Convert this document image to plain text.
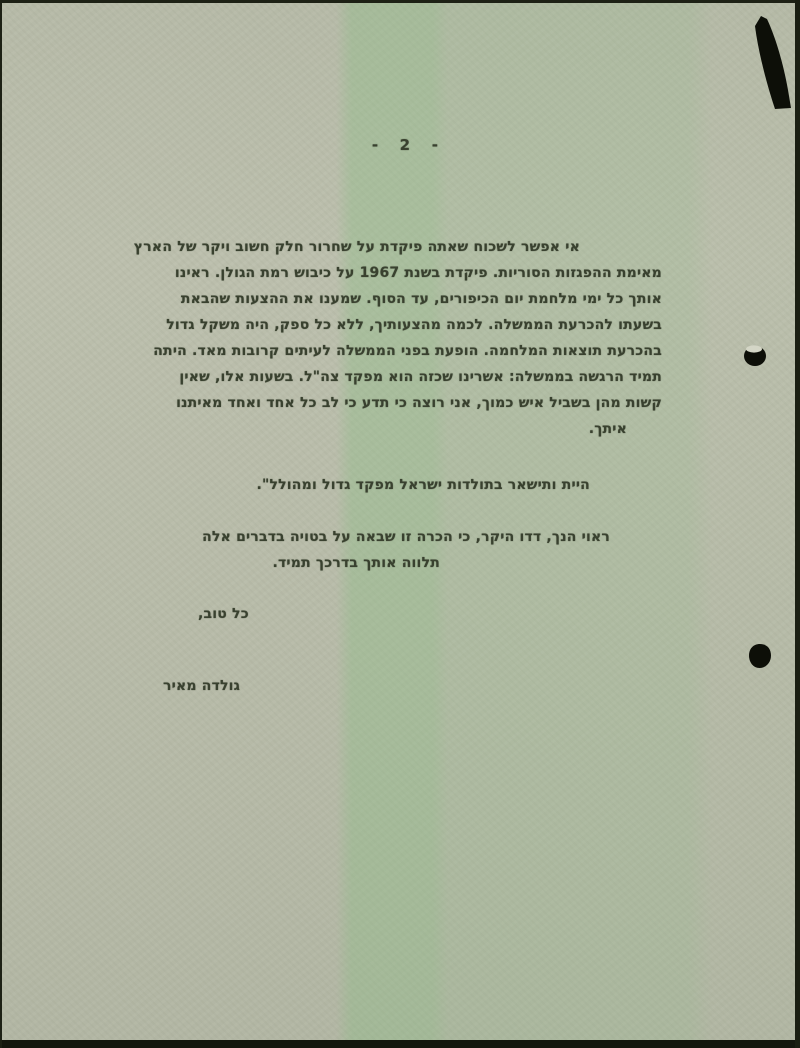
- 2 -
אי אפשר לשכוח שאתה פיקדת על שחרור חלק חשוב ויקר של הארץ
מאימת ההפגזות הסוריות. פיקדת בשנת 1967 על כיבוש רמת הגולן. ראינו
אותך כל ימי מלחמת יום הכיפורים, עד הסוף. שמענו את ההצעות שהבאת
בשעתו להכרעת הממשלה. לכמה מהצעותיך, ללא כל ספק, היה משקל גדול
בהכרעת תוצאות המלחמה. הופעת בפני הממשלה לעיתים קרובות מאד. היתה
תמיד הרגשה בממשלה: אשרינו שכזה הוא מפקד צה"ל. בשעות אלו, שאין
קשות מהן בשביל איש כמוך, אני רוצה כי תדע כי לב כל אחד ואחד מאיתנו
איתך.
היית ותישאר בתולדות ישראל מפקד גדול ומהולל".
ראוי הנך, דדו היקר, כי הכרה זו שבאה על בטויה בדברים אלה
תלווה אותך בדרכך תמיד.
כל טוב,
גולדה מאיר
